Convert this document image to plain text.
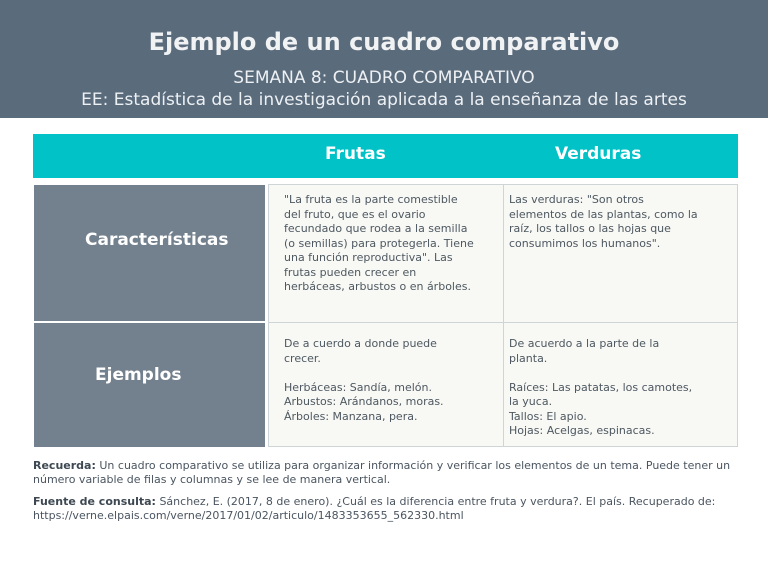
Ejemplo de un cuadro comparativo
SEMANA 8: CUADRO COMPARATIVO
EE: Estadística de la investigación aplicada a la enseñanza de las artes
Frutas	Verduras
Características
"La fruta es la parte comestible
del fruto, que es el ovario
fecundado que rodea a la semilla
(o semillas) para protegerla. Tiene
una función reproductiva". Las
frutas pueden crecer en
herbáceas, arbustos o en árboles.
Las verduras: "Son otros
elementos de las plantas, como la
raíz, los tallos o las hojas que
consumimos los humanos".
Ejemplos
De a cuerdo a donde puede
crecer.

Herbáceas: Sandía, melón.
Arbustos: Arándanos, moras.
Árboles: Manzana, pera.
De acuerdo a la parte de la
planta.

Raíces: Las patatas, los camotes,
la yuca.
Tallos: El apio.
Hojas: Acelgas, espinacas.
Recuerda: Un cuadro comparativo se utiliza para organizar información y verificar los elementos de un tema. Puede tener un número variable de filas y columnas y se lee de manera vertical.
Fuente de consulta: Sánchez, E. (2017, 8 de enero). ¿Cuál es la diferencia entre fruta y verdura?. El país. Recuperado de: https://verne.elpais.com/verne/2017/01/02/articulo/1483353655_562330.html
